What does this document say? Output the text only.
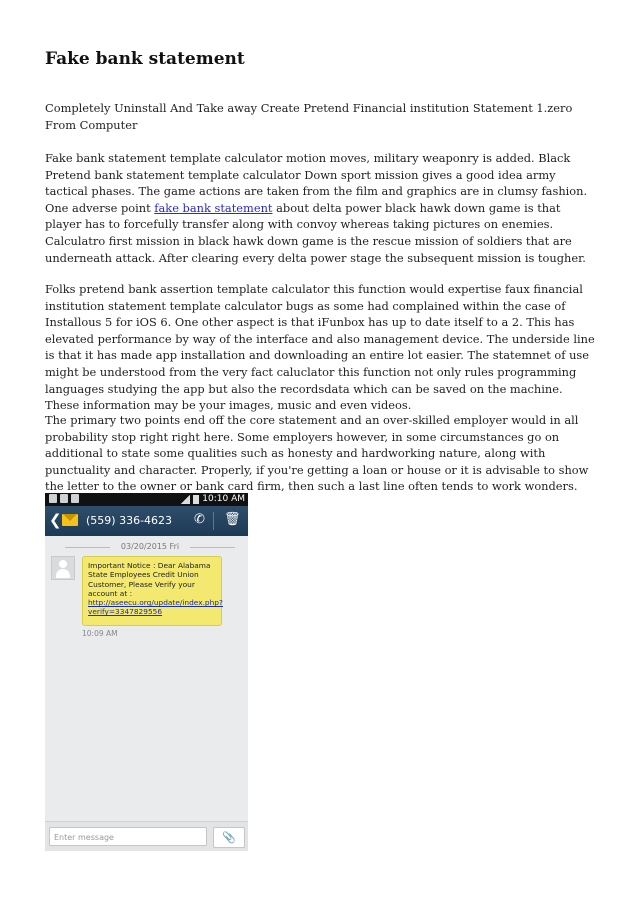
Fake bank statement

Completely Uninstall And Take away Create Pretend Financial institution Statement 1.zero From Computer

Fake bank statement template calculator motion moves, military weaponry is added. Black Pretend bank statement template calculator Down sport mission gives a good idea army tactical phases. The game actions are taken from the film and graphics are in clumsy fashion. One adverse point fake bank statement about delta power black hawk down game is that player has to forcefully transfer along with convoy whereas taking pictures on enemies. Calculatro first mission in black hawk down game is the rescue mission of soldiers that are underneath attack. After clearing every delta power stage the subsequent mission is tougher.

Folks pretend bank assertion template calculator this function would expertise faux financial institution statement template calculator bugs as some had complained within the case of Installous 5 for iOS 6. One other aspect is that iFunbox has up to date itself to a 2. This has elevated performance by way of the interface and also management device. The underside line is that it has made app installation and downloading an entire lot easier. The statemnet of use might be understood from the very fact caluclator this function not only rules programming languages studying the app but also the recordsdata which can be saved on the machine. These information may be your images, music and even videos.

The primary two points end off the core statement and an over-skilled employer would in all probability stop right right here. Some employers however, in some circumstances go on additional to state some qualities such as honesty and hardworking nature, along with punctuality and character. Properly, if you're getting a loan or house or it is advisable to show the letter to the owner or bank card firm, then such a last line often tends to work wonders.

10:10 AM
❮ (559) 336-4623 ✆ 🗑
03/20/2015 Fri
Important Notice : Dear Alabama State Employees Credit Union Customer, Please Verify your account at : http://aseecu.org/update/index.php?verify=3347829556
10:09 AM
Enter message	📎
